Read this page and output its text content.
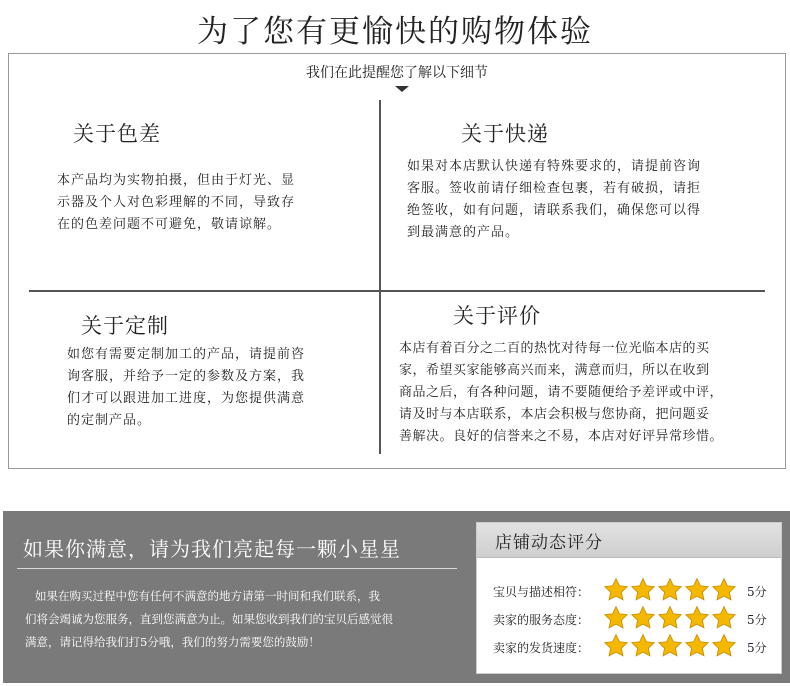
为了您有更愉快的购物体验
我们在此提醒您了解以下细节
关于色差
本产品均为实物拍摄，但由于灯光、显
示器及个人对色彩理解的不同，导致存
在的色差问题不可避免，敬请谅解。
关于快递
如果对本店默认快递有特殊要求的，请提前咨询
客服。签收前请仔细检查包裹，若有破损，请拒
绝签收，如有问题，请联系我们，确保您可以得
到最满意的产品。
关于定制
如您有需要定制加工的产品，请提前咨
询客服，并给予一定的参数及方案，我
们才可以跟进加工进度，为您提供满意
的定制产品。
关于评价
本店有着百分之二百的热忱对待每一位光临本店的买
家，希望买家能够高兴而来，满意而归，所以在收到
商品之后，有各种问题，请不要随便给予差评或中评，
请及时与本店联系，本店会积极与您协商，把问题妥
善解决。良好的信誉来之不易，本店对好评异常珍惜。
如果你满意，请为我们亮起每一颗小星星
如果在购买过程中您有任何不满意的地方请第一时间和我们联系，我
们将会竭诚为您服务，直到您满意为止。如果您收到我们的宝贝后感觉很
满意，请记得给我们打5分哦，我们的努力需要您的鼓励！
店铺动态评分
宝贝与描述相符：	5分
卖家的服务态度：	5分
卖家的发货速度：	5分
